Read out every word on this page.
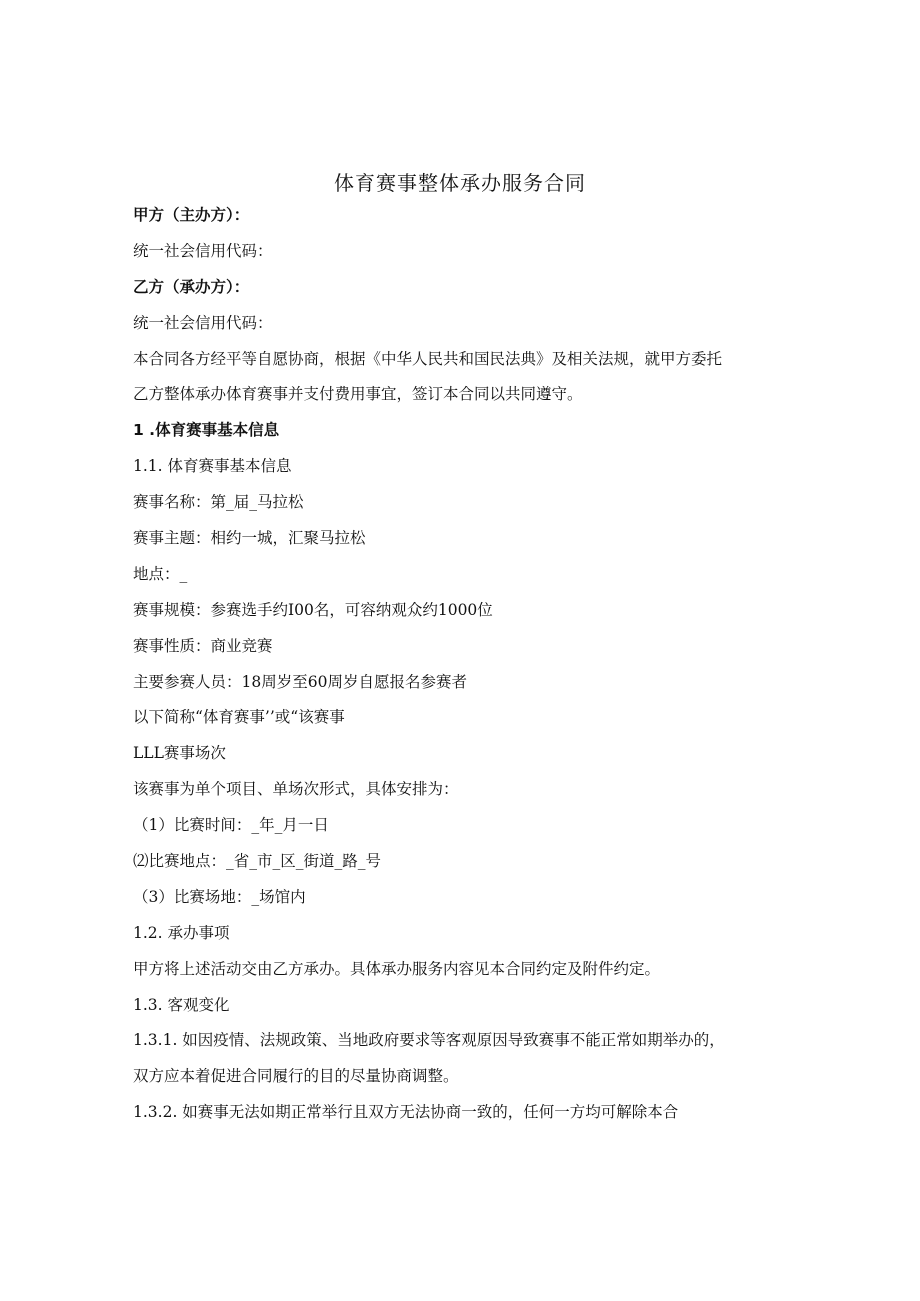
体育赛事整体承办服务合同

甲方（主办方）：

统一社会信用代码：

乙方（承办方）：

统一社会信用代码：

本合同各方经平等自愿协商，根据《中华人民共和国民法典》及相关法规，就甲方委托

乙方整体承办体育赛事并支付费用事宜，签订本合同以共同遵守。

1 .体育赛事基本信息

1.1. 体育赛事基本信息

赛事名称：第_届_马拉松

赛事主题：相约一城，汇聚马拉松

地点：_

赛事规模：参赛选手约I00名，可容纳观众约1000位

赛事性质：商业竞赛

主要参赛人员：18周岁至60周岁自愿报名参赛者

以下简称“体育赛事’’或“该赛事

LLL赛事场次

该赛事为单个项目、单场次形式，具体安排为：

（1）比赛时间：_年_月一日

⑵比赛地点：_省_市_区_街道_路_号

（3）比赛场地：_场馆内

1.2. 承办事项

甲方将上述活动交由乙方承办。具体承办服务内容见本合同约定及附件约定。

1.3. 客观变化

1.3.1. 如因疫情、法规政策、当地政府要求等客观原因导致赛事不能正常如期举办的，

双方应本着促进合同履行的目的尽量协商调整。

1.3.2. 如赛事无法如期正常举行且双方无法协商一致的，任何一方均可解除本合
